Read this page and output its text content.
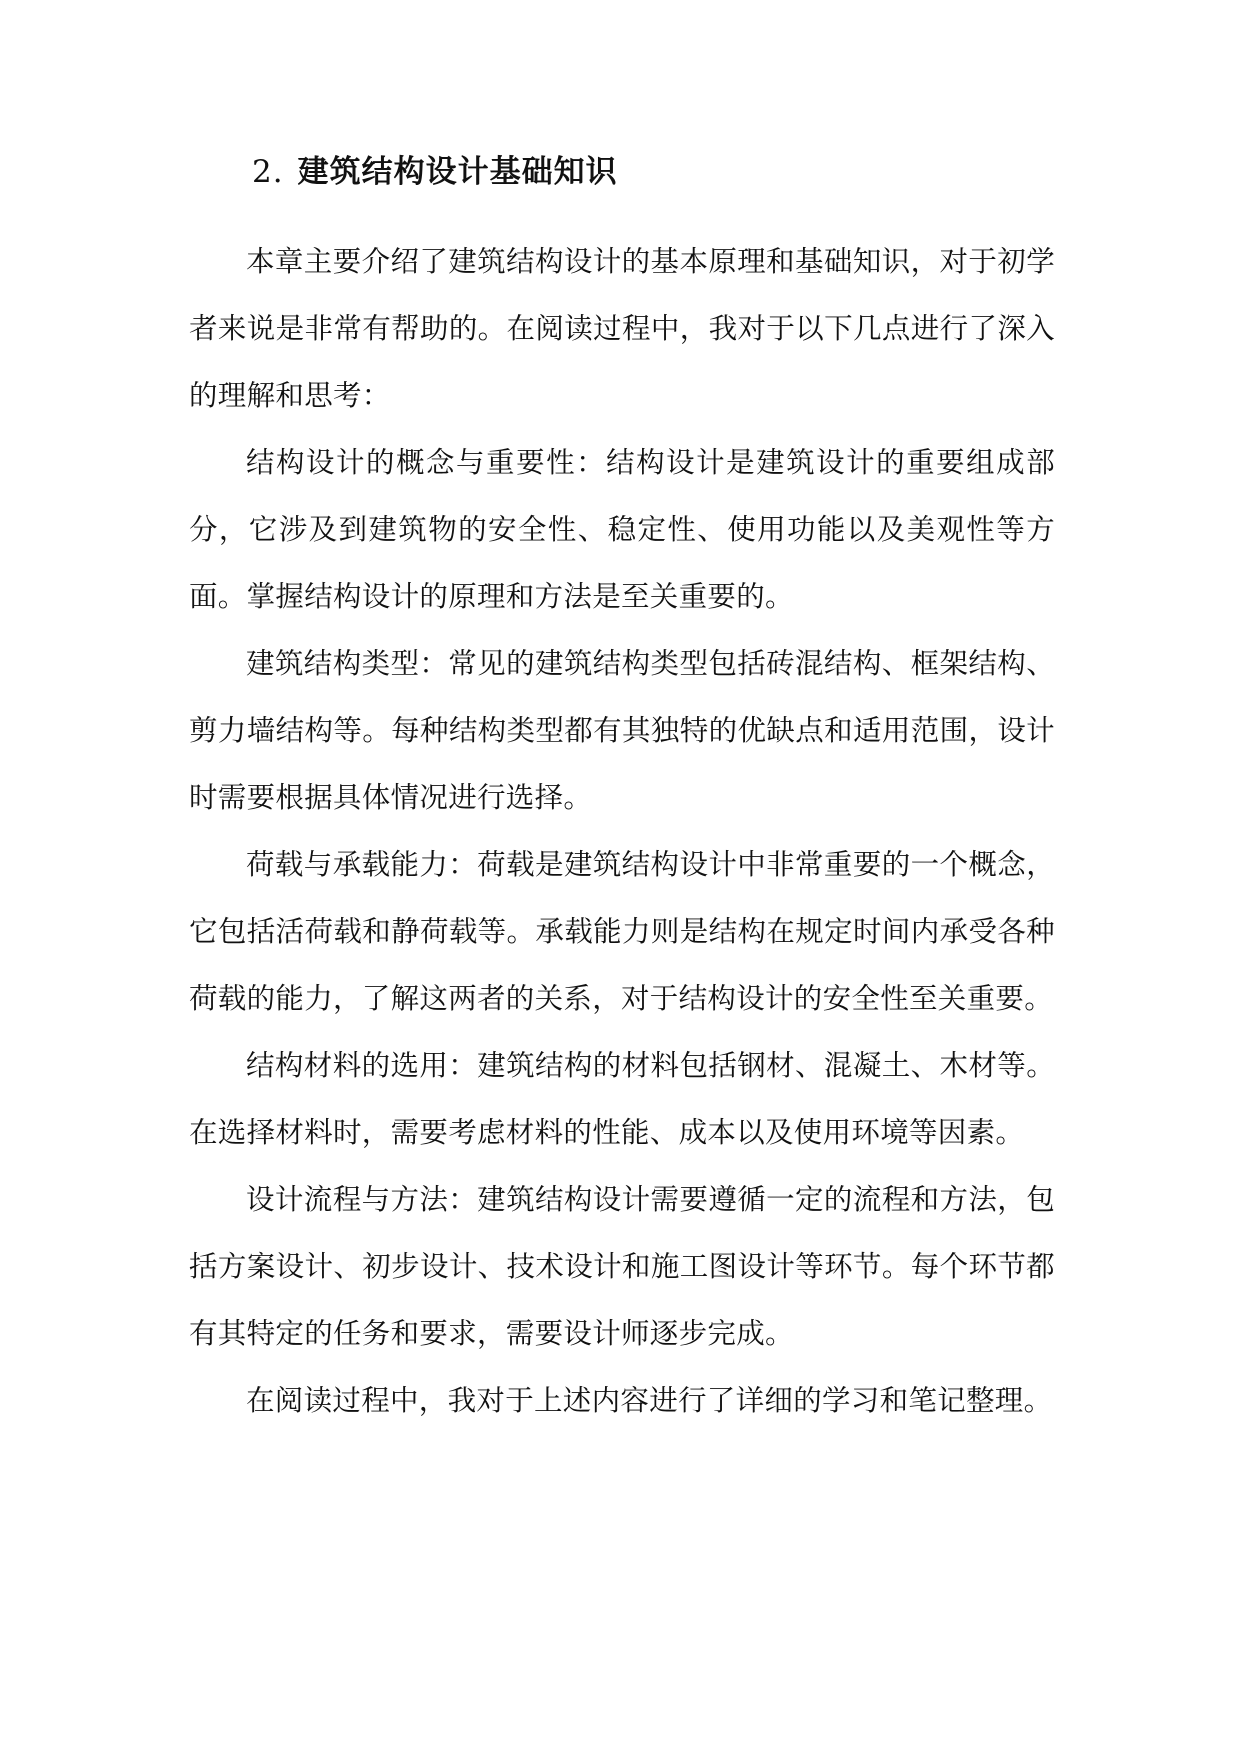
2. 建筑结构设计基础知识

本章主要介绍了建筑结构设计的基本原理和基础知识，对于初学者来说是非常有帮助的。在阅读过程中，我对于以下几点进行了深入的理解和思考：

结构设计的概念与重要性：结构设计是建筑设计的重要组成部分，它涉及到建筑物的安全性、稳定性、使用功能以及美观性等方面。掌握结构设计的原理和方法是至关重要的。

建筑结构类型：常见的建筑结构类型包括砖混结构、框架结构、剪力墙结构等。每种结构类型都有其独特的优缺点和适用范围，设计时需要根据具体情况进行选择。

荷载与承载能力：荷载是建筑结构设计中非常重要的一个概念，它包括活荷载和静荷载等。承载能力则是结构在规定时间内承受各种荷载的能力，了解这两者的关系，对于结构设计的安全性至关重要。

结构材料的选用：建筑结构的材料包括钢材、混凝土、木材等。在选择材料时，需要考虑材料的性能、成本以及使用环境等因素。

设计流程与方法：建筑结构设计需要遵循一定的流程和方法，包括方案设计、初步设计、技术设计和施工图设计等环节。每个环节都有其特定的任务和要求，需要设计师逐步完成。

在阅读过程中，我对于上述内容进行了详细的学习和笔记整理。
